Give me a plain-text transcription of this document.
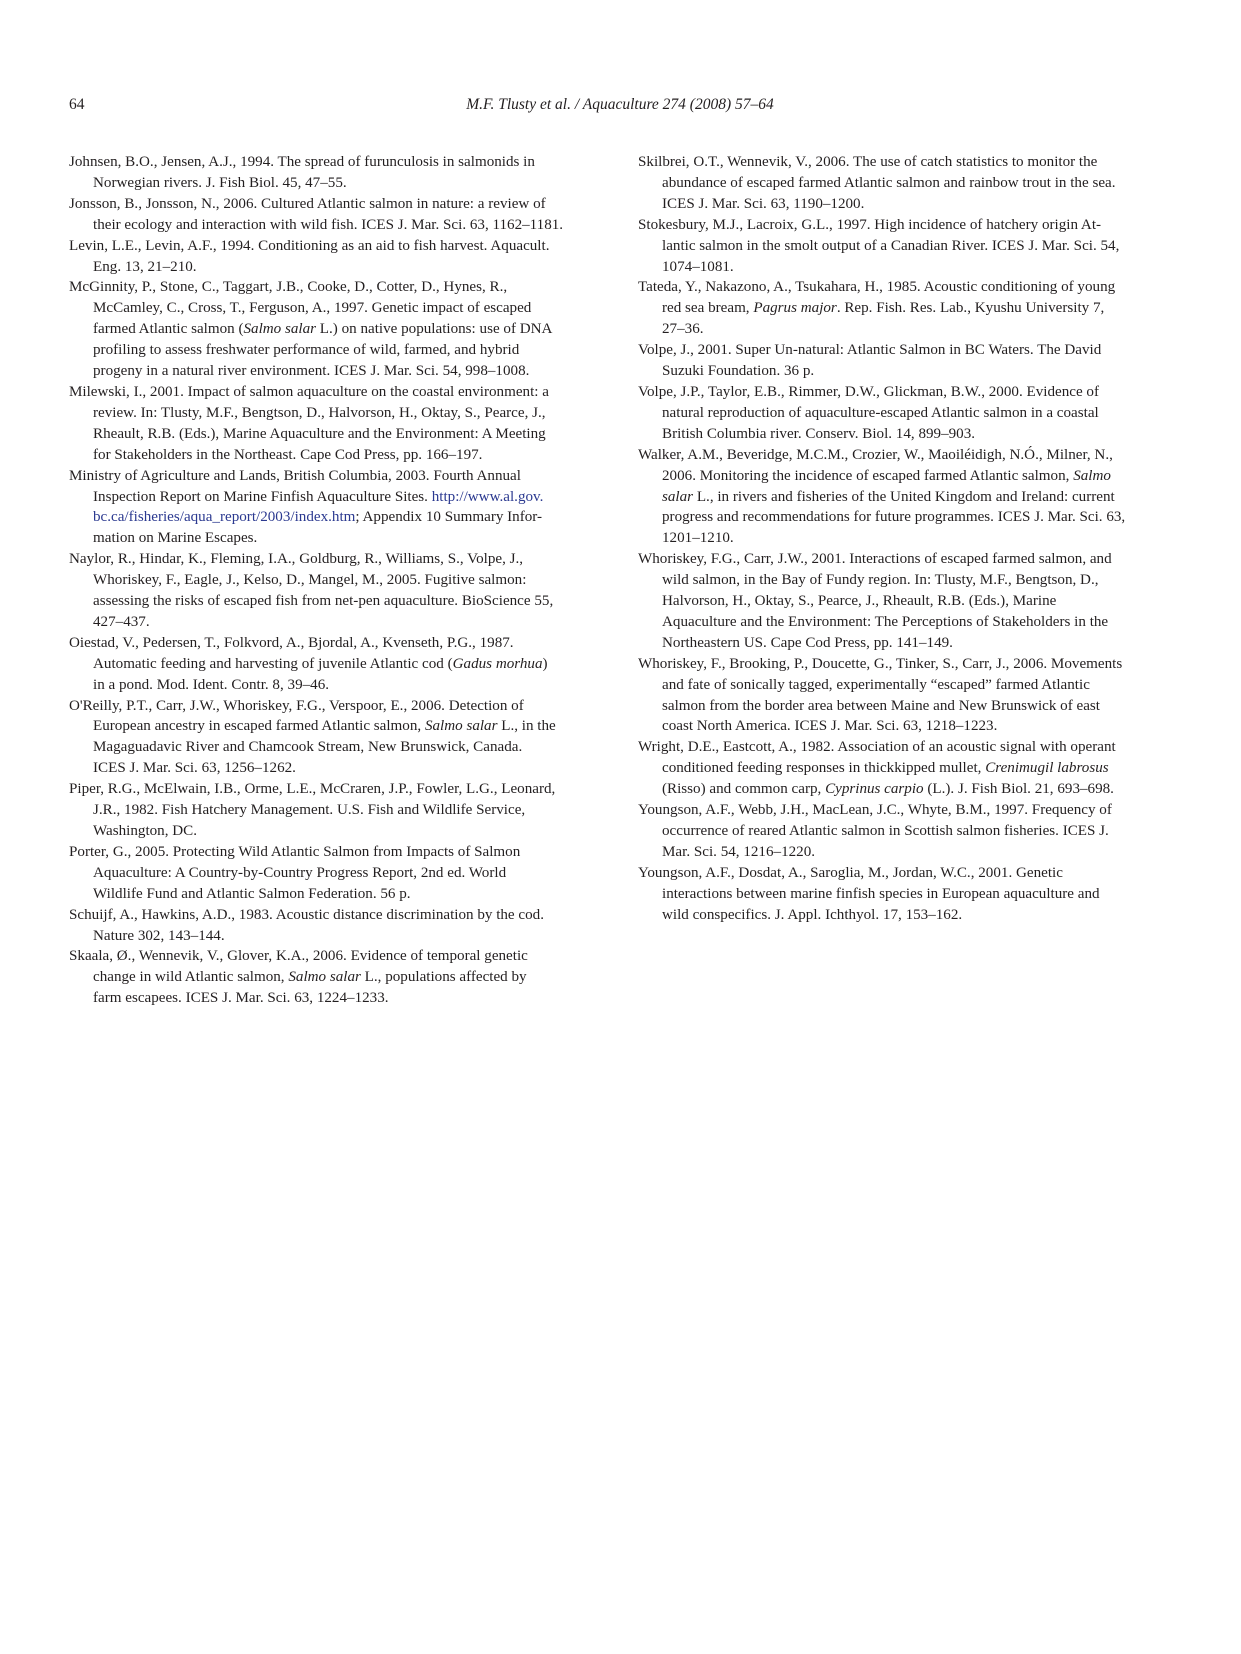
64	M.F. Tlusty et al. / Aquaculture 274 (2008) 57–64

Johnsen, B.O., Jensen, A.J., 1994. The spread of furunculosis in salmonids in
Norwegian rivers. J. Fish Biol. 45, 47–55.

Jonsson, B., Jonsson, N., 2006. Cultured Atlantic salmon in nature: a review of
their ecology and interaction with wild fish. ICES J. Mar. Sci. 63, 1162–1181.

Levin, L.E., Levin, A.F., 1994. Conditioning as an aid to fish harvest. Aquacult.
Eng. 13, 21–210.

McGinnity, P., Stone, C., Taggart, J.B., Cooke, D., Cotter, D., Hynes, R.,
McCamley, C., Cross, T., Ferguson, A., 1997. Genetic impact of escaped
farmed Atlantic salmon (Salmo salar L.) on native populations: use of DNA
profiling to assess freshwater performance of wild, farmed, and hybrid
progeny in a natural river environment. ICES J. Mar. Sci. 54, 998–1008.

Milewski, I., 2001. Impact of salmon aquaculture on the coastal environment: a
review. In: Tlusty, M.F., Bengtson, D., Halvorson, H., Oktay, S., Pearce, J.,
Rheault, R.B. (Eds.), Marine Aquaculture and the Environment: A Meeting
for Stakeholders in the Northeast. Cape Cod Press, pp. 166–197.

Ministry of Agriculture and Lands, British Columbia, 2003. Fourth Annual
Inspection Report on Marine Finfish Aquaculture Sites. http://www.al.gov.
bc.ca/fisheries/aqua_report/2003/index.htm; Appendix 10 Summary Infor-
mation on Marine Escapes.

Naylor, R., Hindar, K., Fleming, I.A., Goldburg, R., Williams, S., Volpe, J.,
Whoriskey, F., Eagle, J., Kelso, D., Mangel, M., 2005. Fugitive salmon:
assessing the risks of escaped fish from net-pen aquaculture. BioScience 55,
427–437.

Oiestad, V., Pedersen, T., Folkvord, A., Bjordal, A., Kvenseth, P.G., 1987.
Automatic feeding and harvesting of juvenile Atlantic cod (Gadus morhua)
in a pond. Mod. Ident. Contr. 8, 39–46.

O'Reilly, P.T., Carr, J.W., Whoriskey, F.G., Verspoor, E., 2006. Detection of
European ancestry in escaped farmed Atlantic salmon, Salmo salar L., in the
Magaguadavic River and Chamcook Stream, New Brunswick, Canada.
ICES J. Mar. Sci. 63, 1256–1262.

Piper, R.G., McElwain, I.B., Orme, L.E., McCraren, J.P., Fowler, L.G., Leonard,
J.R., 1982. Fish Hatchery Management. U.S. Fish and Wildlife Service,
Washington, DC.

Porter, G., 2005. Protecting Wild Atlantic Salmon from Impacts of Salmon
Aquaculture: A Country-by-Country Progress Report, 2nd ed. World
Wildlife Fund and Atlantic Salmon Federation. 56 p.

Schuijf, A., Hawkins, A.D., 1983. Acoustic distance discrimination by the cod.
Nature 302, 143–144.

Skaala, Ø., Wennevik, V., Glover, K.A., 2006. Evidence of temporal genetic
change in wild Atlantic salmon, Salmo salar L., populations affected by
farm escapees. ICES J. Mar. Sci. 63, 1224–1233.

Skilbrei, O.T., Wennevik, V., 2006. The use of catch statistics to monitor the
abundance of escaped farmed Atlantic salmon and rainbow trout in the sea.
ICES J. Mar. Sci. 63, 1190–1200.

Stokesbury, M.J., Lacroix, G.L., 1997. High incidence of hatchery origin At-
lantic salmon in the smolt output of a Canadian River. ICES J. Mar. Sci. 54,
1074–1081.

Tateda, Y., Nakazono, A., Tsukahara, H., 1985. Acoustic conditioning of young
red sea bream, Pagrus major. Rep. Fish. Res. Lab., Kyushu University 7,
27–36.

Volpe, J., 2001. Super Un-natural: Atlantic Salmon in BC Waters. The David
Suzuki Foundation. 36 p.

Volpe, J.P., Taylor, E.B., Rimmer, D.W., Glickman, B.W., 2000. Evidence of
natural reproduction of aquaculture-escaped Atlantic salmon in a coastal
British Columbia river. Conserv. Biol. 14, 899–903.

Walker, A.M., Beveridge, M.C.M., Crozier, W., Maoiléidigh, N.Ó., Milner, N.,
2006. Monitoring the incidence of escaped farmed Atlantic salmon, Salmo
salar L., in rivers and fisheries of the United Kingdom and Ireland: current
progress and recommendations for future programmes. ICES J. Mar. Sci. 63,
1201–1210.

Whoriskey, F.G., Carr, J.W., 2001. Interactions of escaped farmed salmon, and
wild salmon, in the Bay of Fundy region. In: Tlusty, M.F., Bengtson, D.,
Halvorson, H., Oktay, S., Pearce, J., Rheault, R.B. (Eds.), Marine
Aquaculture and the Environment: The Perceptions of Stakeholders in the
Northeastern US. Cape Cod Press, pp. 141–149.

Whoriskey, F., Brooking, P., Doucette, G., Tinker, S., Carr, J., 2006. Movements
and fate of sonically tagged, experimentally “escaped” farmed Atlantic
salmon from the border area between Maine and New Brunswick of east
coast North America. ICES J. Mar. Sci. 63, 1218–1223.

Wright, D.E., Eastcott, A., 1982. Association of an acoustic signal with operant
conditioned feeding responses in thickkipped mullet, Crenimugil labrosus
(Risso) and common carp, Cyprinus carpio (L.). J. Fish Biol. 21, 693–698.

Youngson, A.F., Webb, J.H., MacLean, J.C., Whyte, B.M., 1997. Frequency of
occurrence of reared Atlantic salmon in Scottish salmon fisheries. ICES J.
Mar. Sci. 54, 1216–1220.

Youngson, A.F., Dosdat, A., Saroglia, M., Jordan, W.C., 2001. Genetic
interactions between marine finfish species in European aquaculture and
wild conspecifics. J. Appl. Ichthyol. 17, 153–162.
